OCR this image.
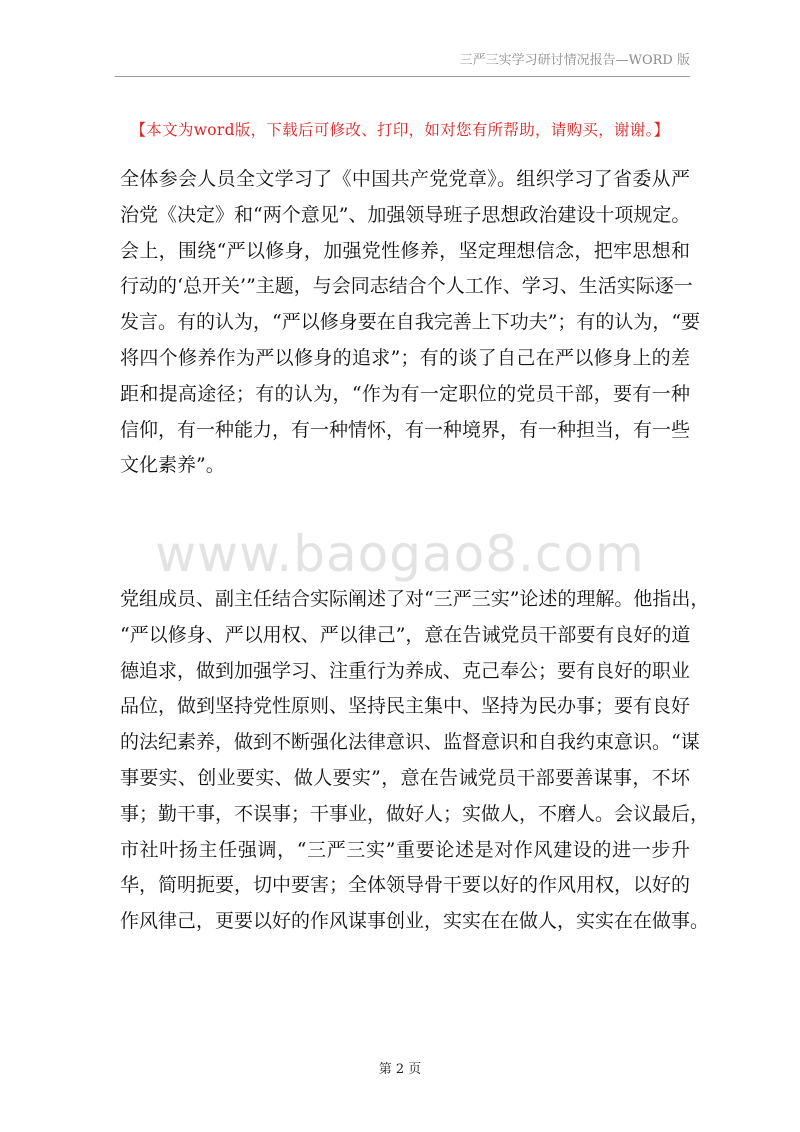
三严三实学习研讨情况报告—WORD 版
【本文为word版，下载后可修改、打印，如对您有所帮助，请购买，谢谢。】
全体参会人员全文学习了《中国共产党党章》。组织学习了省委从严
治党《决定》和“两个意见”、加强领导班子思想政治建设十项规定。
会上，围绕“严以修身，加强党性修养，坚定理想信念，把牢思想和
行动的‘总开关’”主题，与会同志结合个人工作、学习、生活实际逐一
发言。有的认为，“严以修身要在自我完善上下功夫”；有的认为，“要
将四个修养作为严以修身的追求”；有的谈了自己在严以修身上的差
距和提高途径；有的认为，“作为有一定职位的党员干部，要有一种
信仰，有一种能力，有一种情怀，有一种境界，有一种担当，有一些
文化素养”。
www.baogao8.com
党组成员、副主任结合实际阐述了对“三严三实”论述的理解。他指出，
“严以修身、严以用权、严以律己”，意在告诫党员干部要有良好的道
德追求，做到加强学习、注重行为养成、克己奉公；要有良好的职业
品位，做到坚持党性原则、坚持民主集中、坚持为民办事；要有良好
的法纪素养，做到不断强化法律意识、监督意识和自我约束意识。“谋
事要实、创业要实、做人要实”，意在告诫党员干部要善谋事，不坏
事；勤干事，不误事；干事业，做好人；实做人，不磨人。会议最后，
市社叶扬主任强调，“三严三实”重要论述是对作风建设的进一步升
华，简明扼要，切中要害；全体领导骨干要以好的作风用权，以好的
作风律己，更要以好的作风谋事创业，实实在在做人，实实在在做事。
第 2 页
